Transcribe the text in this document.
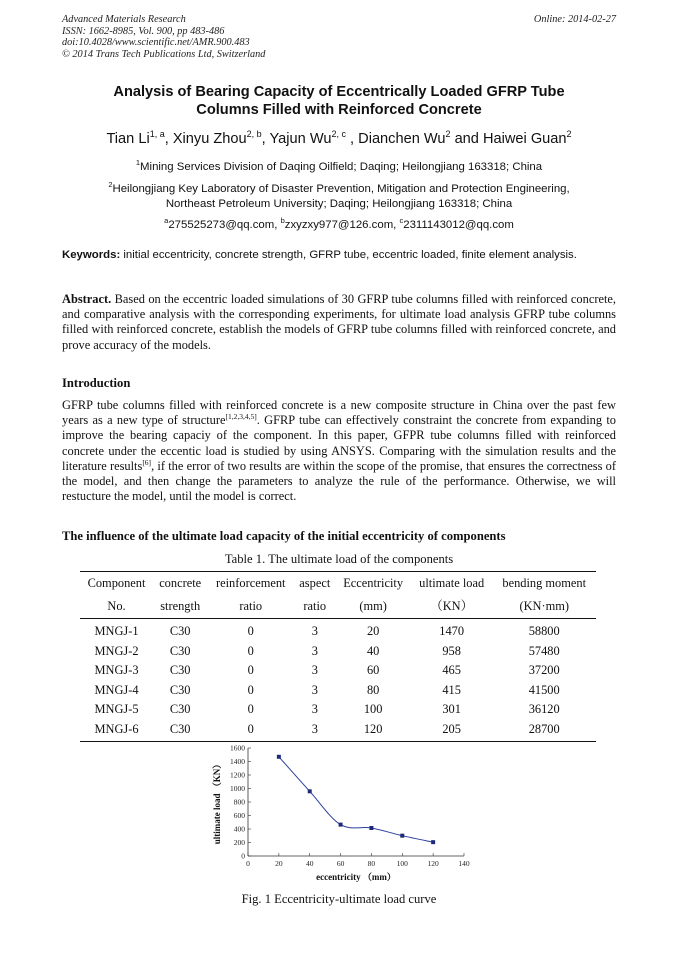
Advanced Materials Research
ISSN: 1662-8985, Vol. 900, pp 483-486
doi:10.4028/www.scientific.net/AMR.900.483
© 2014 Trans Tech Publications Ltd, Switzerland
Online: 2014-02-27
Analysis of Bearing Capacity of Eccentrically Loaded GFRP Tube
Columns Filled with Reinforced Concrete
Tian Li$^{1, a}$, Xinyu Zhou$^{2, b}$, Yajun Wu$^{2, c}$ , Dianchen Wu$^2$ and Haiwei Guan$^2$
$^1$Mining Services Division of Daqing Oilfield; Daqing; Heilongjiang 163318; China
$^2$Heilongjiang Key Laboratory of Disaster Prevention, Mitigation and Protection Engineering,
Northeast Petroleum University; Daqing; Heilongjiang 163318; China
$^a$275525273@qq.com, $^b$zxyzxy977@126.com, $^c$2311143012@qq.com
Keywords: initial eccentricity, concrete strength, GFRP tube, eccentric loaded, finite element analysis.
Abstract. Based on the eccentric loaded simulations of 30 GFRP tube columns filled with reinforced concrete, and comparative analysis with the corresponding experiments, for ultimate load analysis GFRP tube columns filled with reinforced concrete, establish the models of GFRP tube columns filled with reinforced concrete, and prove accuracy of the models.
Introduction
GFRP tube columns filled with reinforced concrete is a new composite structure in China over the past few years as a new type of structure[1,2,3,4,5]. GFRP tube can effectively constraint the concrete from expanding to improve the bearing capaciy of the component. In this paper, GFPR tube columns filled with reinforced concrete under the eccentic load is studied by using ANSYS. Comparing with the simulation results and the literature results[6], if the error of two results are within the scope of the promise, that ensures the correctness of the model, and then change the parameters to analyze the rule of the performance. Otherwise, we will restucture the model, until the model is correct.
The influence of the ultimate load capacity of the initial eccentricity of components
Table 1. The ultimate load of the components
Component	concrete	reinforcement	aspect	Eccentricity	ultimate load	bending moment
No.	strength	ratio	ratio	(mm)	（KN）	(KN·mm)
MNGJ-1	C30	0	3	20	1470	58800
MNGJ-2	C30	0	3	40	958	57480
MNGJ-3	C30	0	3	60	465	37200
MNGJ-4	C30	0	3	80	415	41500
MNGJ-5	C30	0	3	100	301	36120
MNGJ-6	C30	0	3	120	205	28700
0
200
400
600
800
1000
1200
1400
1600
0	20	40	60	80	100	120	140
eccentricity （mm）
ultimate load （KN）
Fig. 1 Eccentricity-ultimate load curve
